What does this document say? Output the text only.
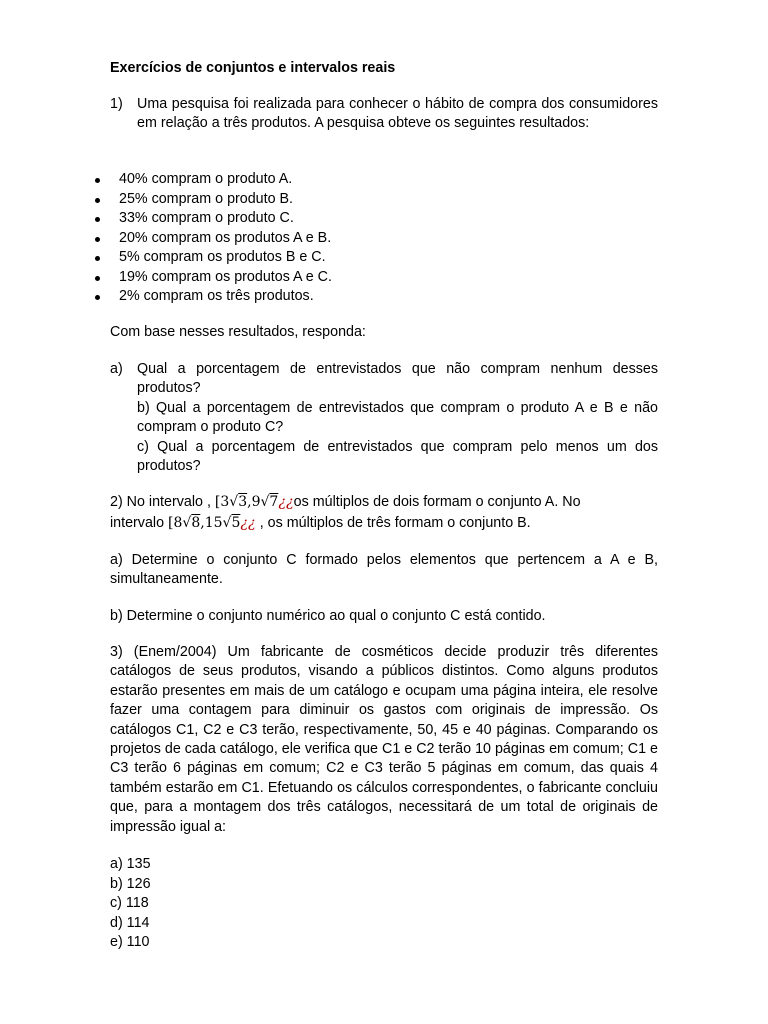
Exercícios de conjuntos e intervalos reais
1) Uma pesquisa foi realizada para conhecer o hábito de compra dos consumidores em relação a três produtos. A pesquisa obteve os seguintes resultados:
40% compram o produto A.
25% compram o produto B.
33% compram o produto C.
20% compram os produtos A e B.
5% compram os produtos B e C.
19% compram os produtos A e C.
2% compram os três produtos.
Com base nesses resultados, responda:
a) Qual a porcentagem de entrevistados que não compram nenhum desses produtos?
b) Qual a porcentagem de entrevistados que compram o produto A e B e não compram o produto C?
c) Qual a porcentagem de entrevistados que compram pelo menos um dos produtos?
2) No intervalo , [3√3,9√7¿¿os múltiplos de dois formam o conjunto A. No
intervalo [8√8,15√5¿¿ , os múltiplos de três formam o conjunto B.
a) Determine o conjunto C formado pelos elementos que pertencem a A e B, simultaneamente.
b) Determine o conjunto numérico ao qual o conjunto C está contido.
3) (Enem/2004) Um fabricante de cosméticos decide produzir três diferentes catálogos de seus produtos, visando a públicos distintos. Como alguns produtos estarão presentes em mais de um catálogo e ocupam uma página inteira, ele resolve fazer uma contagem para diminuir os gastos com originais de impressão. Os catálogos C1, C2 e C3 terão, respectivamente, 50, 45 e 40 páginas. Comparando os projetos de cada catálogo, ele verifica que C1 e C2 terão 10 páginas em comum; C1 e C3 terão 6 páginas em comum; C2 e C3 terão 5 páginas em comum, das quais 4 também estarão em C1. Efetuando os cálculos correspondentes, o fabricante concluiu que, para a montagem dos três catálogos, necessitará de um total de originais de impressão igual a:
a) 135
b) 126
c) 118
d) 114
e) 110
